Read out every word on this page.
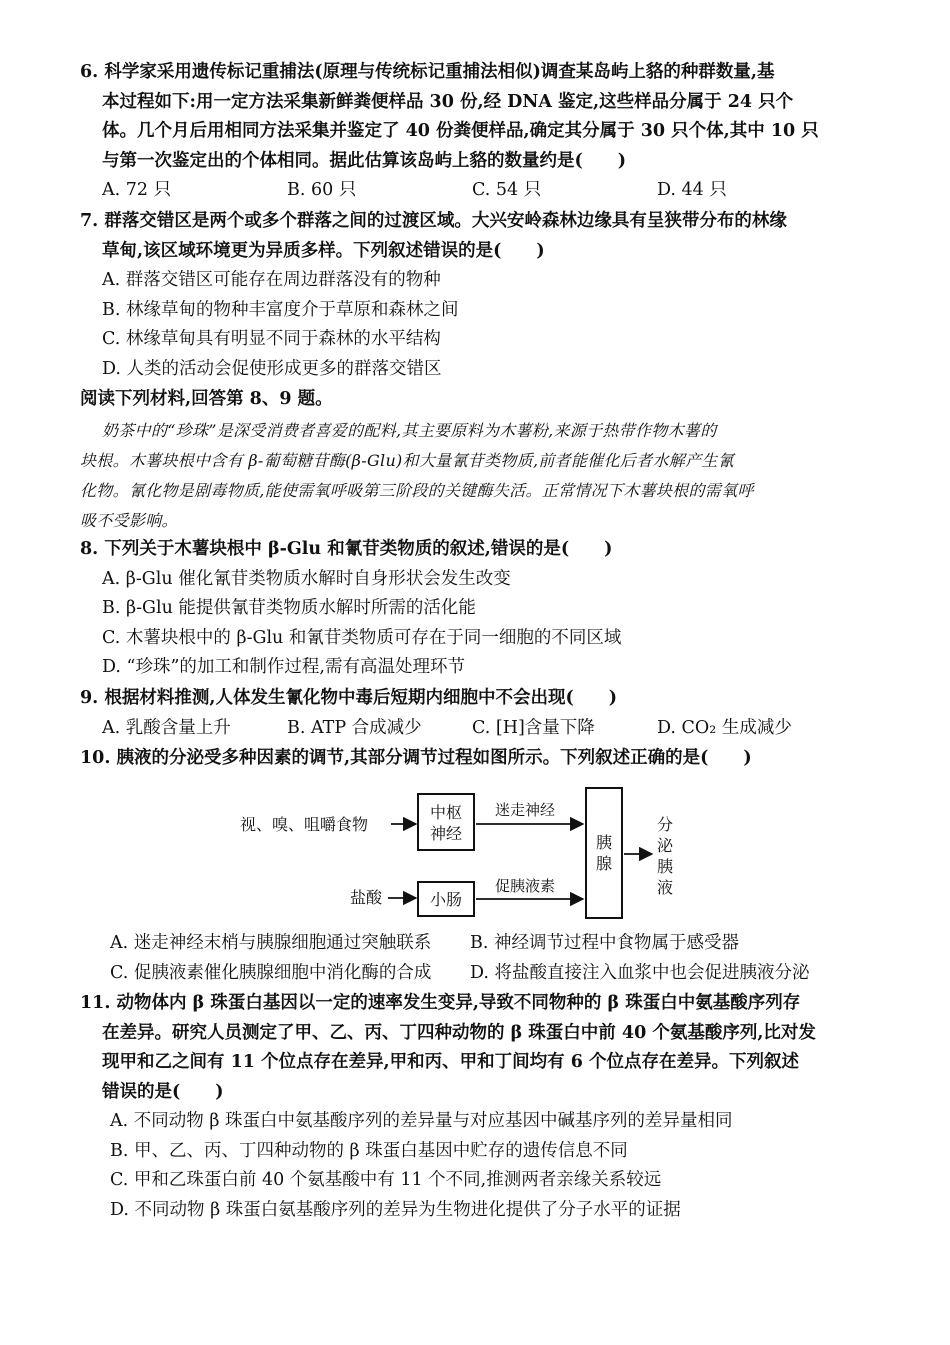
6. 科学家采用遗传标记重捕法(原理与传统标记重捕法相似)调查某岛屿上貉的种群数量,基
本过程如下:用一定方法采集新鲜粪便样品 30 份,经 DNA 鉴定,这些样品分属于 24 只个
体。几个月后用相同方法采集并鉴定了 40 份粪便样品,确定其分属于 30 只个体,其中 10 只
与第一次鉴定出的个体相同。据此估算该岛屿上貉的数量约是(　　)
A. 72 只	B. 60 只	C. 54 只	D. 44 只
7. 群落交错区是两个或多个群落之间的过渡区域。大兴安岭森林边缘具有呈狭带分布的林缘
草甸,该区域环境更为异质多样。下列叙述错误的是(　　)
A. 群落交错区可能存在周边群落没有的物种
B. 林缘草甸的物种丰富度介于草原和森林之间
C. 林缘草甸具有明显不同于森林的水平结构
D. 人类的活动会促使形成更多的群落交错区
阅读下列材料,回答第 8、9 题。
奶茶中的“珍珠”是深受消费者喜爱的配料,其主要原料为木薯粉,来源于热带作物木薯的
块根。木薯块根中含有 β-葡萄糖苷酶(β-Glu)和大量氰苷类物质,前者能催化后者水解产生氰
化物。氰化物是剧毒物质,能使需氧呼吸第三阶段的关键酶失活。正常情况下木薯块根的需氧呼
吸不受影响。
8. 下列关于木薯块根中 β-Glu 和氰苷类物质的叙述,错误的是(　　)
A. β-Glu 催化氰苷类物质水解时自身形状会发生改变
B. β-Glu 能提供氰苷类物质水解时所需的活化能
C. 木薯块根中的 β-Glu 和氰苷类物质可存在于同一细胞的不同区域
D. “珍珠”的加工和制作过程,需有高温处理环节
9. 根据材料推测,人体发生氰化物中毒后短期内细胞中不会出现(　　)
A. 乳酸含量上升	B. ATP 合成减少	C. [H]含量下降	D. CO₂ 生成减少
10. 胰液的分泌受多种因素的调节,其部分调节过程如图所示。下列叙述正确的是(　　)
视、嗅、咀嚼食物
中枢
神经
迷走神经
盐酸	小肠
促胰液素
胰
腺
分
泌
胰
液
A. 迷走神经末梢与胰腺细胞通过突触联系	B. 神经调节过程中食物属于感受器
C. 促胰液素催化胰腺细胞中消化酶的合成	D. 将盐酸直接注入血浆中也会促进胰液分泌
11. 动物体内 β 珠蛋白基因以一定的速率发生变异,导致不同物种的 β 珠蛋白中氨基酸序列存
在差异。研究人员测定了甲、乙、丙、丁四种动物的 β 珠蛋白中前 40 个氨基酸序列,比对发
现甲和乙之间有 11 个位点存在差异,甲和丙、甲和丁间均有 6 个位点存在差异。下列叙述
错误的是(　　)
A. 不同动物 β 珠蛋白中氨基酸序列的差异量与对应基因中碱基序列的差异量相同
B. 甲、乙、丙、丁四种动物的 β 珠蛋白基因中贮存的遗传信息不同
C. 甲和乙珠蛋白前 40 个氨基酸中有 11 个不同,推测两者亲缘关系较远
D. 不同动物 β 珠蛋白氨基酸序列的差异为生物进化提供了分子水平的证据
